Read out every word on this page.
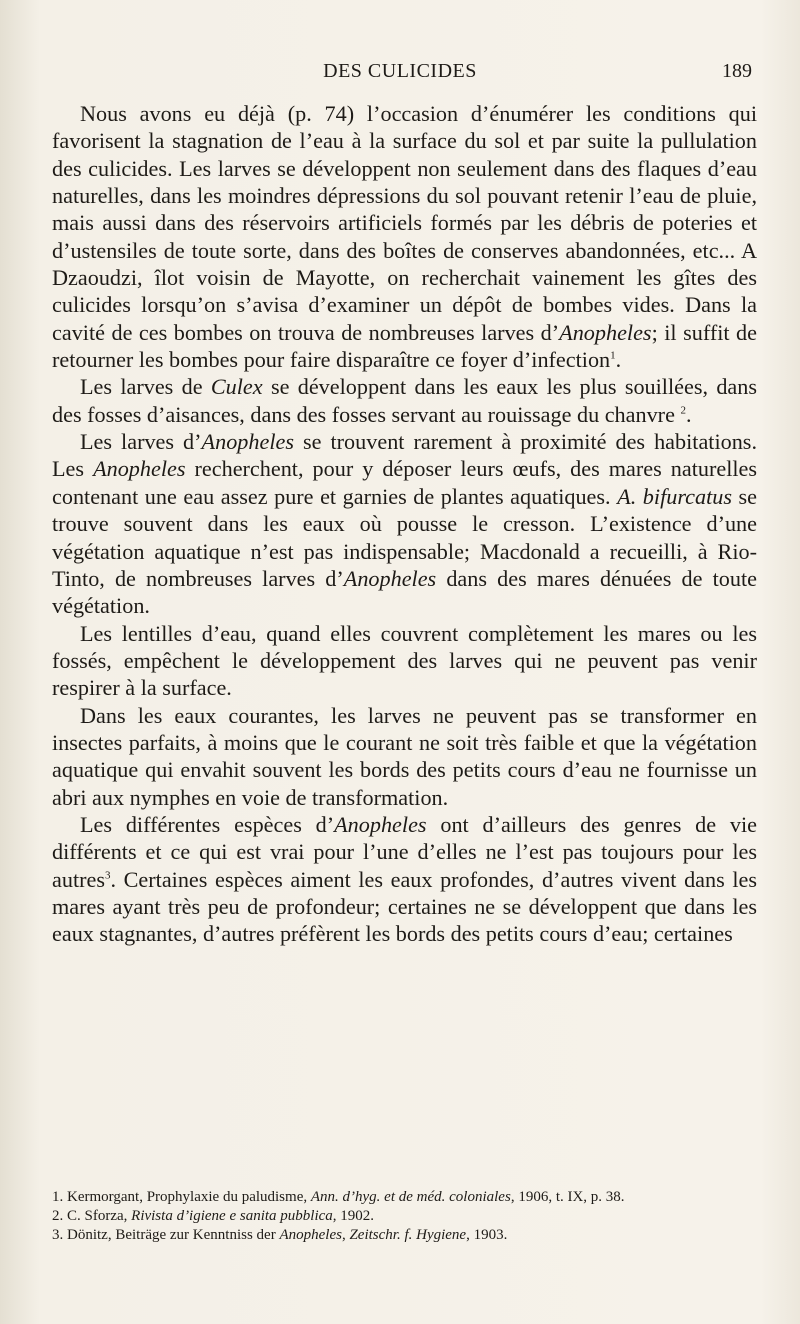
DES CULICIDES	189

Nous avons eu déjà (p. 74) l’occasion d’énumérer les conditions qui favorisent la stagnation de l’eau à la surface du sol et par suite la pullulation des culicides. Les larves se développent non seulement dans des flaques d’eau naturelles, dans les moindres dépressions du sol pouvant retenir l’eau de pluie, mais aussi dans des réservoirs artificiels formés par les débris de poteries et d’ustensiles de toute sorte, dans des boîtes de conserves abandonnées, etc... A Dzaoudzi, îlot voisin de Mayotte, on recherchait vainement les gîtes des culicides lorsqu’on s’avisa d’examiner un dépôt de bombes vides. Dans la cavité de ces bombes on trouva de nombreuses larves d’Anopheles; il suffit de retourner les bombes pour faire disparaître ce foyer d’infection$^1$.

Les larves de Culex se développent dans les eaux les plus souillées, dans des fosses d’aisances, dans des fosses servant au rouissage du chanvre $^2$.

Les larves d’Anopheles se trouvent rarement à proximité des habitations. Les Anopheles recherchent, pour y déposer leurs œufs, des mares naturelles contenant une eau assez pure et garnies de plantes aquatiques. A. bifurcatus se trouve souvent dans les eaux où pousse le cresson. L’existence d’une végétation aquatique n’est pas indispensable; Macdonald a recueilli, à Rio-Tinto, de nombreuses larves d’Anopheles dans des mares dénuées de toute végétation.

Les lentilles d’eau, quand elles couvrent complètement les mares ou les fossés, empêchent le développement des larves qui ne peuvent pas venir respirer à la surface.

Dans les eaux courantes, les larves ne peuvent pas se transformer en insectes parfaits, à moins que le courant ne soit très faible et que la végétation aquatique qui envahit souvent les bords des petits cours d’eau ne fournisse un abri aux nymphes en voie de transformation.

Les différentes espèces d’Anopheles ont d’ailleurs des genres de vie différents et ce qui est vrai pour l’une d’elles ne l’est pas toujours pour les autres$^3$. Certaines espèces aiment les eaux profondes, d’autres vivent dans les mares ayant très peu de profondeur; certaines ne se développent que dans les eaux stagnantes, d’autres préfèrent les bords des petits cours d’eau; certaines

1. Kermorgant, Prophylaxie du paludisme, Ann. d’hyg. et de méd. coloniales, 1906, t. IX, p. 38.

2. C. Sforza, Rivista d’igiene e sanita pubblica, 1902.

3. Dönitz, Beiträge zur Kenntniss der Anopheles, Zeitschr. f. Hygiene, 1903.
